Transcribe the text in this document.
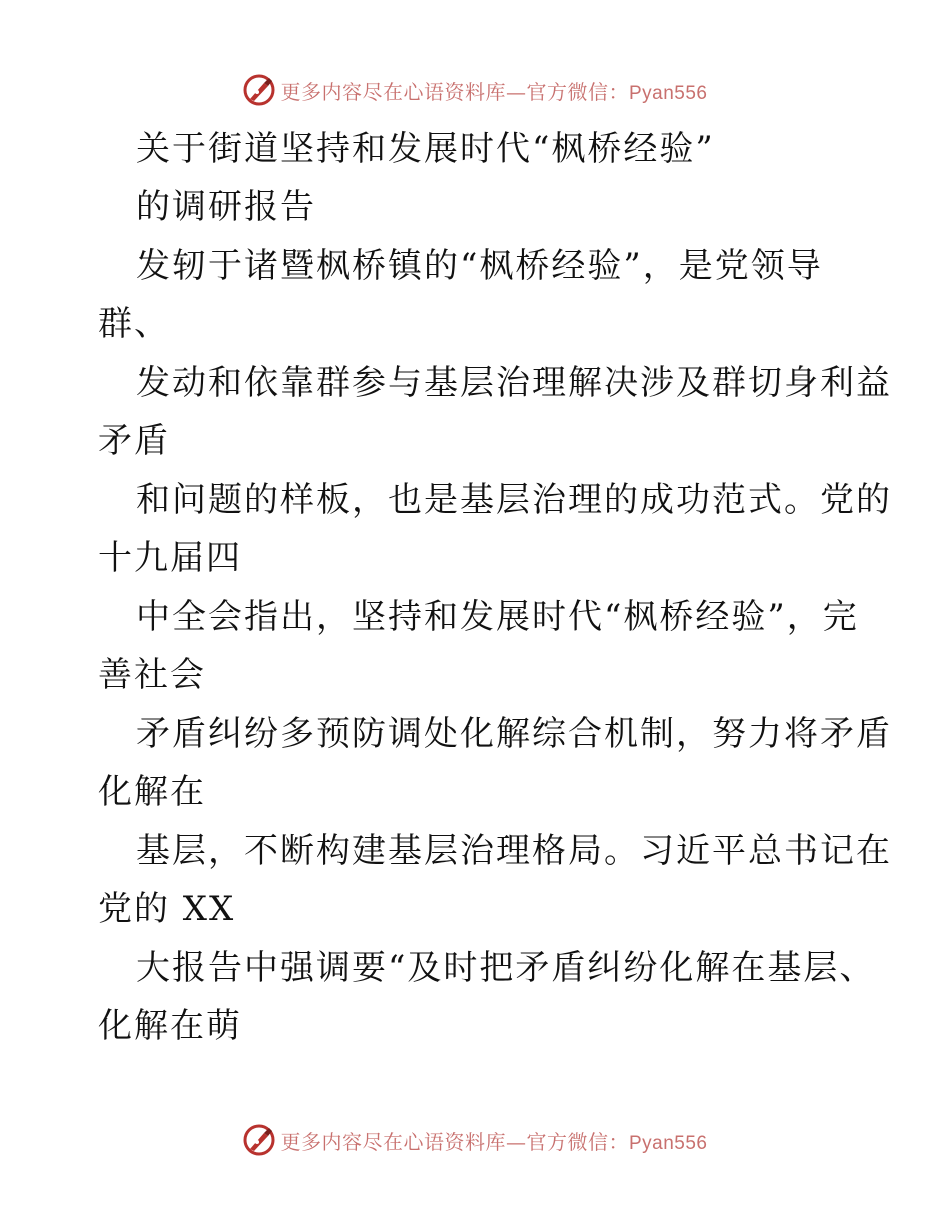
更多内容尽在心语资料库—官方微信：Pyan556
关于街道坚持和发展时代“枫桥经验”
的调研报告
发轫于诸暨枫桥镇的“枫桥经验”，是党领导
群、
发动和依靠群参与基层治理解决涉及群切身利益
矛盾
和问题的样板，也是基层治理的成功范式。党的
十九届四
中全会指出，坚持和发展时代“枫桥经验”，完
善社会
矛盾纠纷多预防调处化解综合机制，努力将矛盾
化解在
基层，不断构建基层治理格局。习近平总书记在
党的 XX
大报告中强调要“及时把矛盾纠纷化解在基层、
化解在萌
更多内容尽在心语资料库—官方微信：Pyan556
